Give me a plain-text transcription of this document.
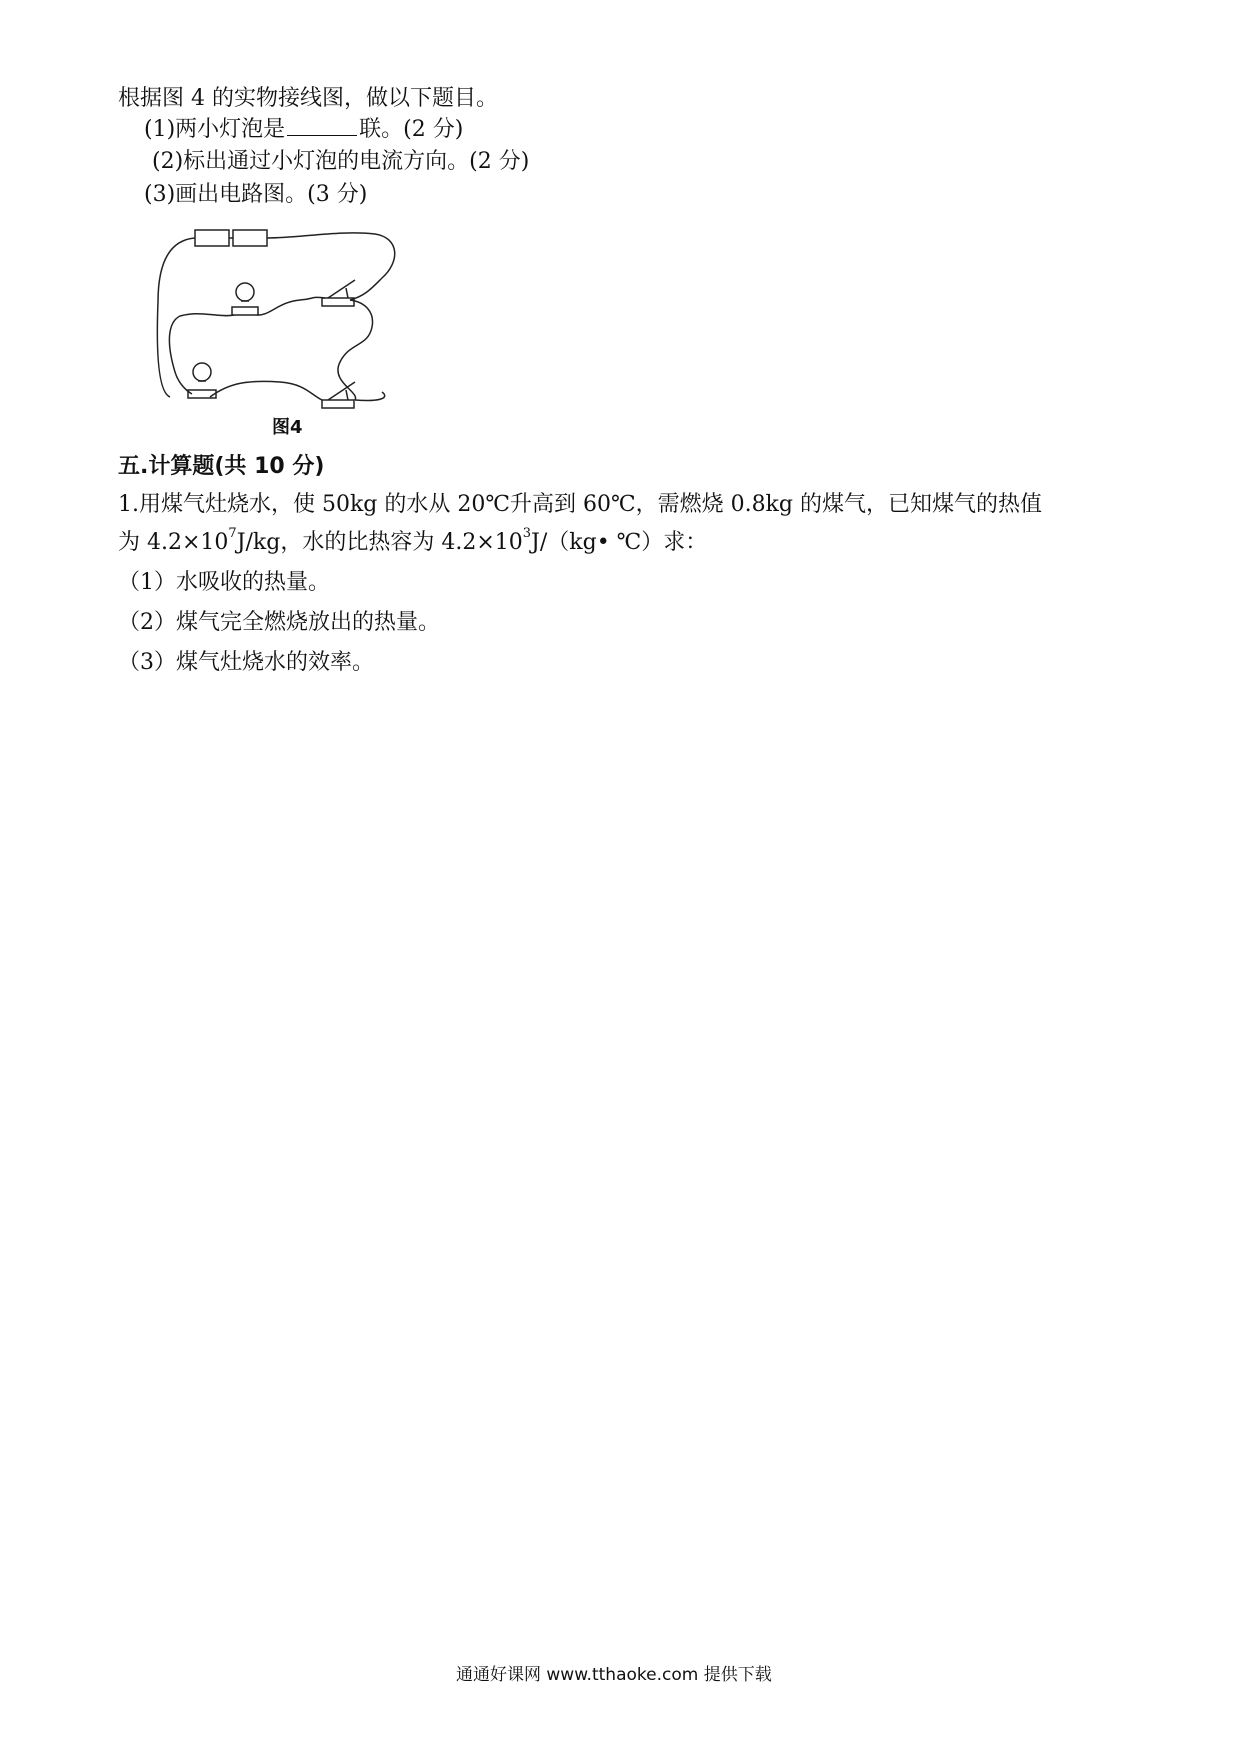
根据图 4 的实物接线图，做以下题目。
(1)两小灯泡是	联。(2 分)
(2)标出通过小灯泡的电流方向。(2 分)
(3)画出电路图。(3 分)
图4
五.计算题(共 10 分)
1.用煤气灶烧水，使 50kg 的水从 20℃升高到 60℃，需燃烧 0.8kg 的煤气，已知煤气的热值
为 $4.2\times 10^7J/kg$，水的比热容为 $4.2\times 10^3J/(kg•$ ℃）求：
（1）水吸收的热量。
（2）煤气完全燃烧放出的热量。
（3）煤气灶烧水的效率。
通通好课网 www.tthaoke.com 提供下载
